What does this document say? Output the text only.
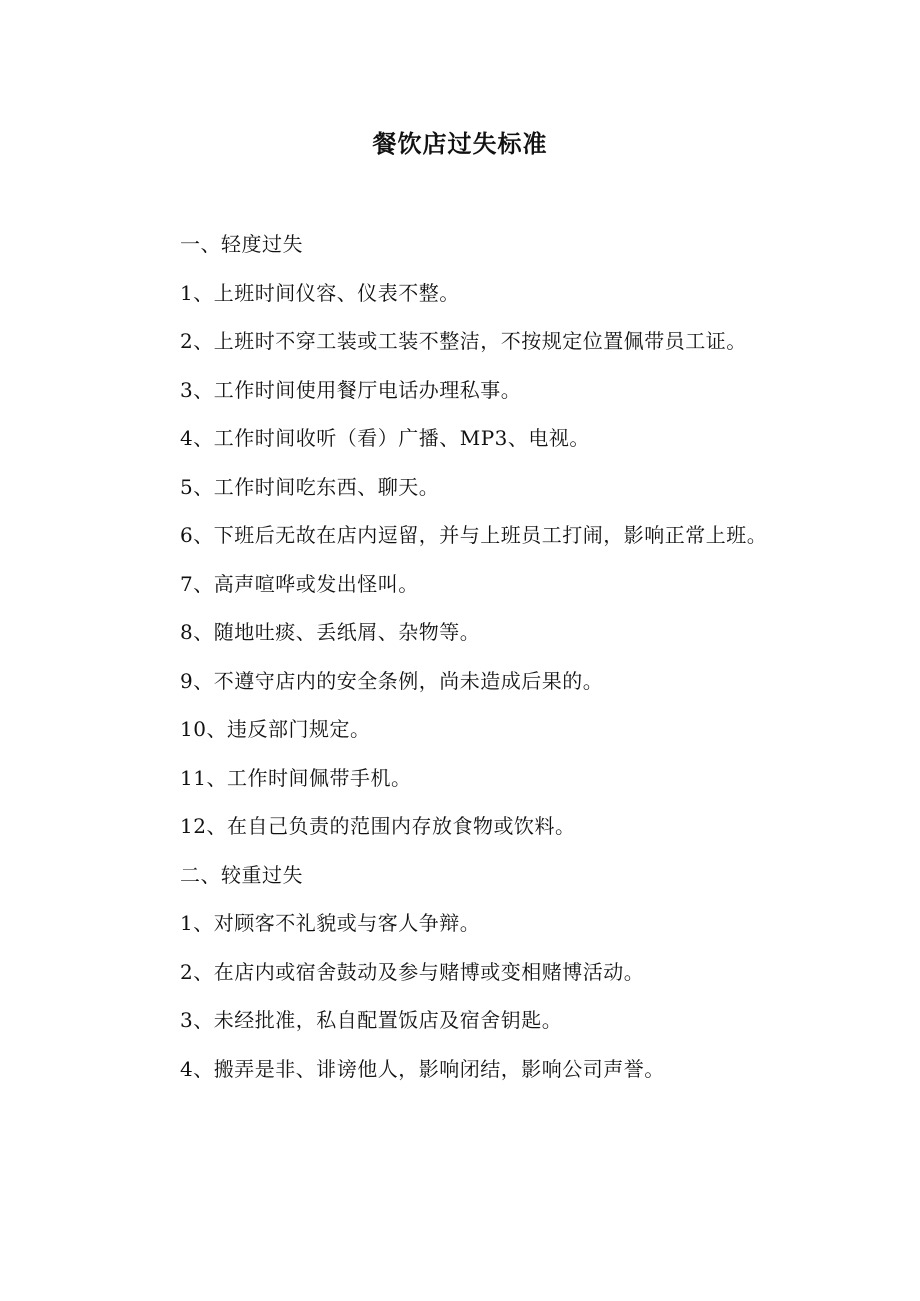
餐饮店过失标准

一、轻度过失

1、上班时间仪容、仪表不整。

2、上班时不穿工装或工装不整洁，不按规定位置佩带员工证。

3、工作时间使用餐厅电话办理私事。

4、工作时间收听（看）广播、MP3、电视。

5、工作时间吃东西、聊天。

6、下班后无故在店内逗留，并与上班员工打闹，影响正常上班。

7、高声喧哗或发出怪叫。

8、随地吐痰、丢纸屑、杂物等。

9、不遵守店内的安全条例，尚未造成后果的。

10、违反部门规定。

11、工作时间佩带手机。

12、在自己负责的范围内存放食物或饮料。

二、较重过失

1、对顾客不礼貌或与客人争辩。

2、在店内或宿舍鼓动及参与赌博或变相赌博活动。

3、未经批准，私自配置饭店及宿舍钥匙。

4、搬弄是非、诽谤他人，影响闭结，影响公司声誉。
